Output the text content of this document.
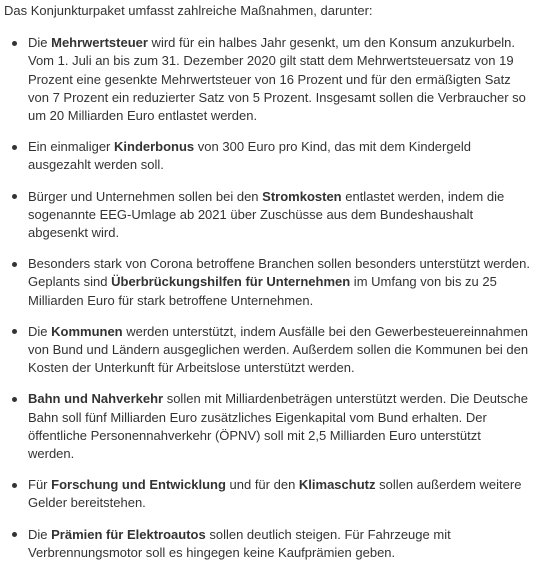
Das Konjunkturpaket umfasst zahlreiche Maßnahmen, darunter:

Die Mehrwertsteuer wird für ein halbes Jahr gesenkt, um den Konsum anzukurbeln. Vom 1. Juli an bis zum 31. Dezember 2020 gilt statt dem Mehrwertsteuersatz von 19 Prozent eine gesenkte Mehrwertsteuer von 16 Prozent und für den ermäßigten Satz von 7 Prozent ein reduzierter Satz von 5 Prozent. Insgesamt sollen die Verbraucher so um 20 Milliarden Euro entlastet werden.
Ein einmaliger Kinderbonus von 300 Euro pro Kind, das mit dem Kindergeld ausgezahlt werden soll.
Bürger und Unternehmen sollen bei den Stromkosten entlastet werden, indem die sogenannte EEG-Umlage ab 2021 über Zuschüsse aus dem Bundeshaushalt abgesenkt wird.
Besonders stark von Corona betroffene Branchen sollen besonders unterstützt werden. Geplants sind Überbrückungshilfen für Unternehmen im Umfang von bis zu 25 Milliarden Euro für stark betroffene Unternehmen.
Die Kommunen werden unterstützt, indem Ausfälle bei den Gewerbesteuereinnahmen von Bund und Ländern ausgeglichen werden. Außerdem sollen die Kommunen bei den Kosten der Unterkunft für Arbeitslose unterstützt werden.
Bahn und Nahverkehr sollen mit Milliardenbeträgen unterstützt werden. Die Deutsche Bahn soll fünf Milliarden Euro zusätzliches Eigenkapital vom Bund erhalten. Der öffentliche Personennahverkehr (ÖPNV) soll mit 2,5 Milliarden Euro unterstützt werden.
Für Forschung und Entwicklung und für den Klimaschutz sollen außerdem weitere Gelder bereitstehen.
Die Prämien für Elektroautos sollen deutlich steigen. Für Fahrzeuge mit Verbrennungsmotor soll es hingegen keine Kaufprämien geben.
